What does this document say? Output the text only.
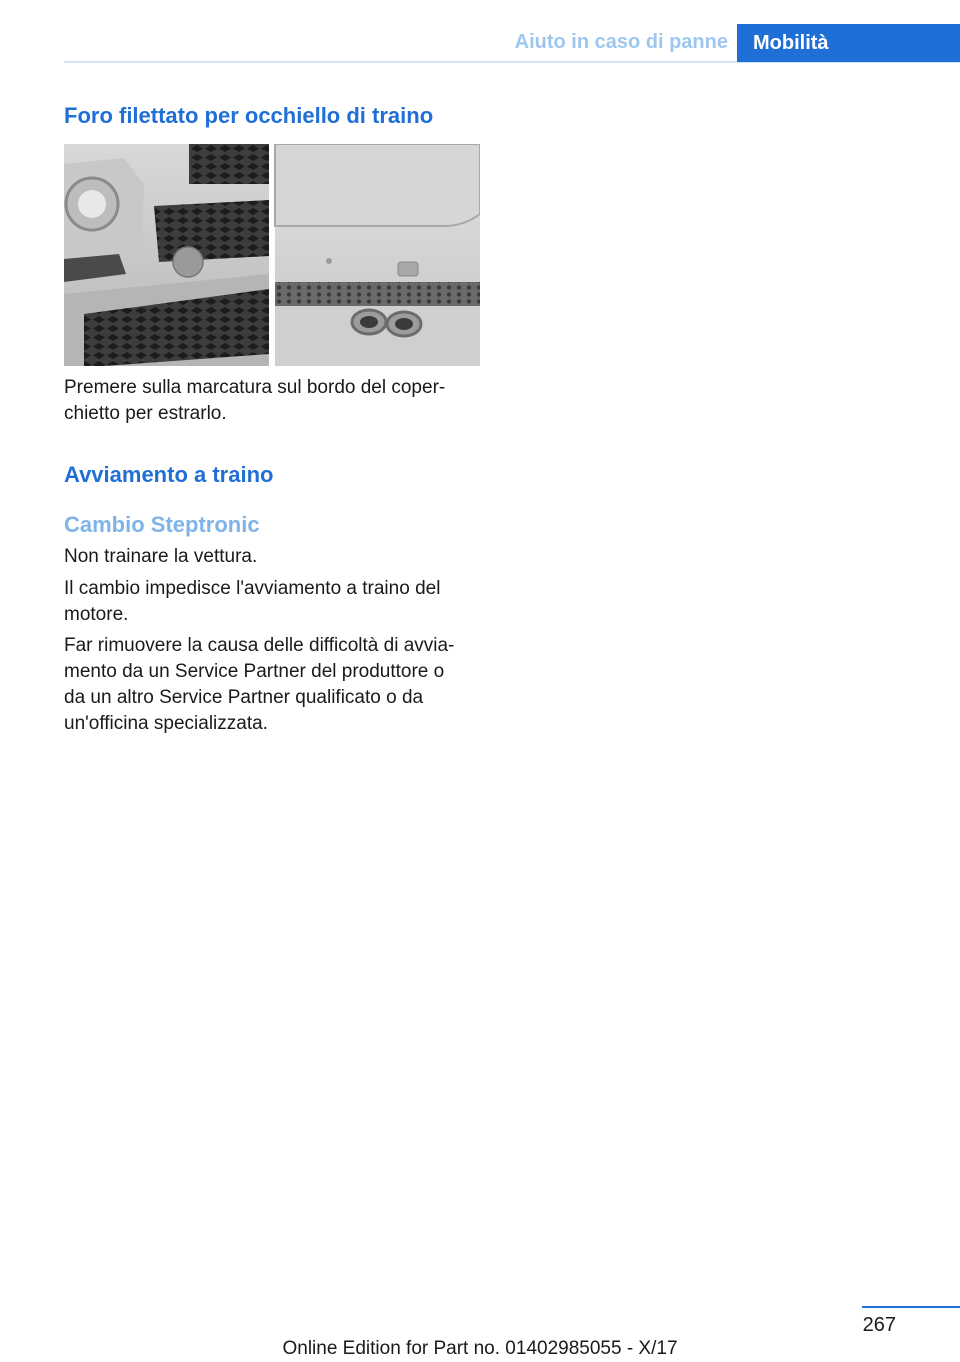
Aiuto in caso di panne Mobilità
Foro filettato per occhiello di traino

Premere sulla marcatura sul bordo del coper-
chietto per estrarlo.

Avviamento a traino
Cambio Steptronic

Non trainare la vettura.

Il cambio impedisce l'avviamento a traino del
motore.

Far rimuovere la causa delle difficoltà di avvia-
mento da un Service Partner del produttore o
da un altro Service Partner qualificato o da
un'officina specializzata.

267
Online Edition for Part no. 01402985055 - X/17
